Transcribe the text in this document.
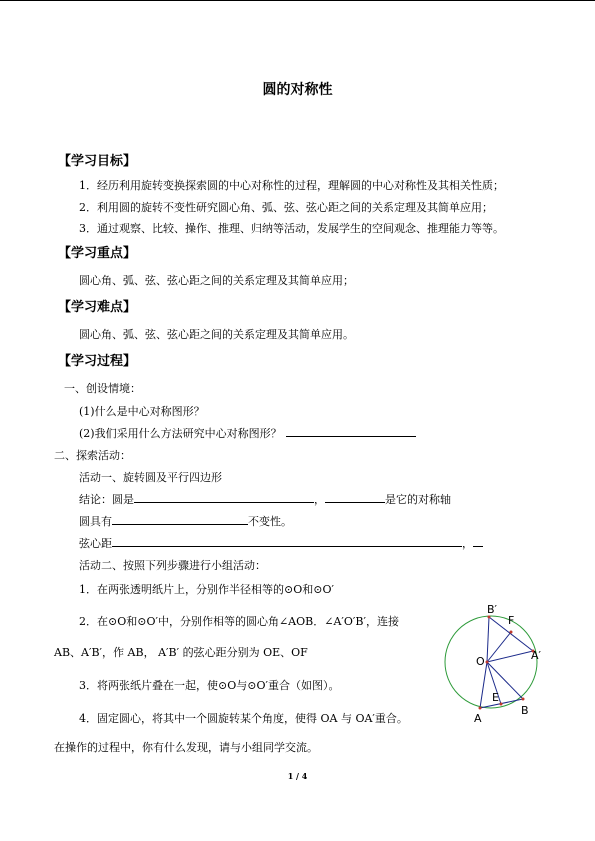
圆的对称性
【学习目标】
1．经历利用旋转变换探索圆的中心对称性的过程，理解圆的中心对称性及其相关性质；
2．利用圆的旋转不变性研究圆心角、弧、弦、弦心距之间的关系定理及其简单应用；
3．通过观察、比较、操作、推理、归纳等活动，发展学生的空间观念、推理能力等等。
【学习重点】
圆心角、弧、弦、弦心距之间的关系定理及其简单应用；
【学习难点】
圆心角、弧、弦、弦心距之间的关系定理及其简单应用。
【学习过程】
一、创设情境：
(1)什么是中心对称图形？
(2)我们采用什么方法研究中心对称图形？
二、探索活动：
活动一、旋转圆及平行四边形
结论：圆是	，	是它的对称轴
圆具有	不变性。
弦心距	，
活动二、按照下列步骤进行小组活动：
1．在两张透明纸片上，分别作半径相等的⊙O和⊙O′
2．在⊙O和⊙O′中，分别作相等的圆心角∠AOB．∠A′O′B′，连接
AB、A′B′，作 AB， A′B′ 的弦心距分别为 OE、OF
3．将两张纸片叠在一起，使⊙O与⊙O′重合（如图）。
4．固定圆心，将其中一个圆旋转某个角度，使得 OA 与 OA′重合。
在操作的过程中，你有什么发现，请与小组同学交流。
B′
F
O	A′
E
A
B
1 / 4
